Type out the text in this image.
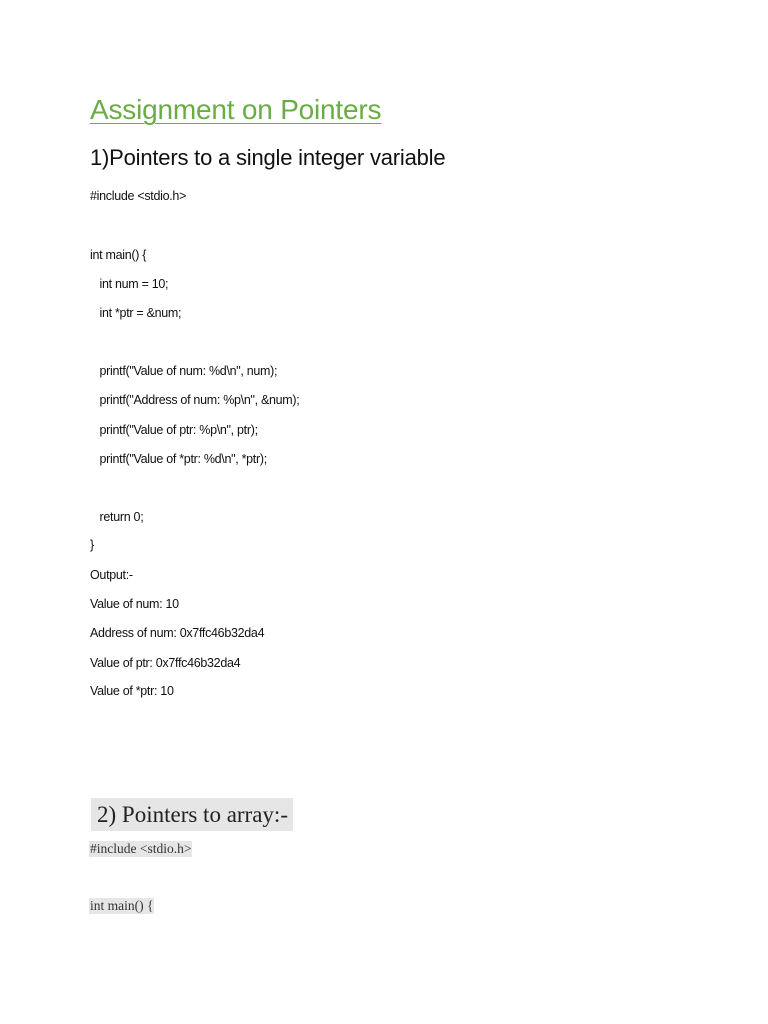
Assignment on Pointers
1)Pointers to a single integer variable
#include <stdio.h>
int main() {
int num = 10;
int *ptr = &num;
printf("Value of num: %d\n", num);
printf("Address of num: %p\n", &num);
printf("Value of ptr: %p\n", ptr);
printf("Value of *ptr: %d\n", *ptr);
return 0;
}
Output:-
Value of num: 10
Address of num: 0x7ffc46b32da4
Value of ptr: 0x7ffc46b32da4
Value of *ptr: 10
2) Pointers to array:-
#include <stdio.h>
int main() {
